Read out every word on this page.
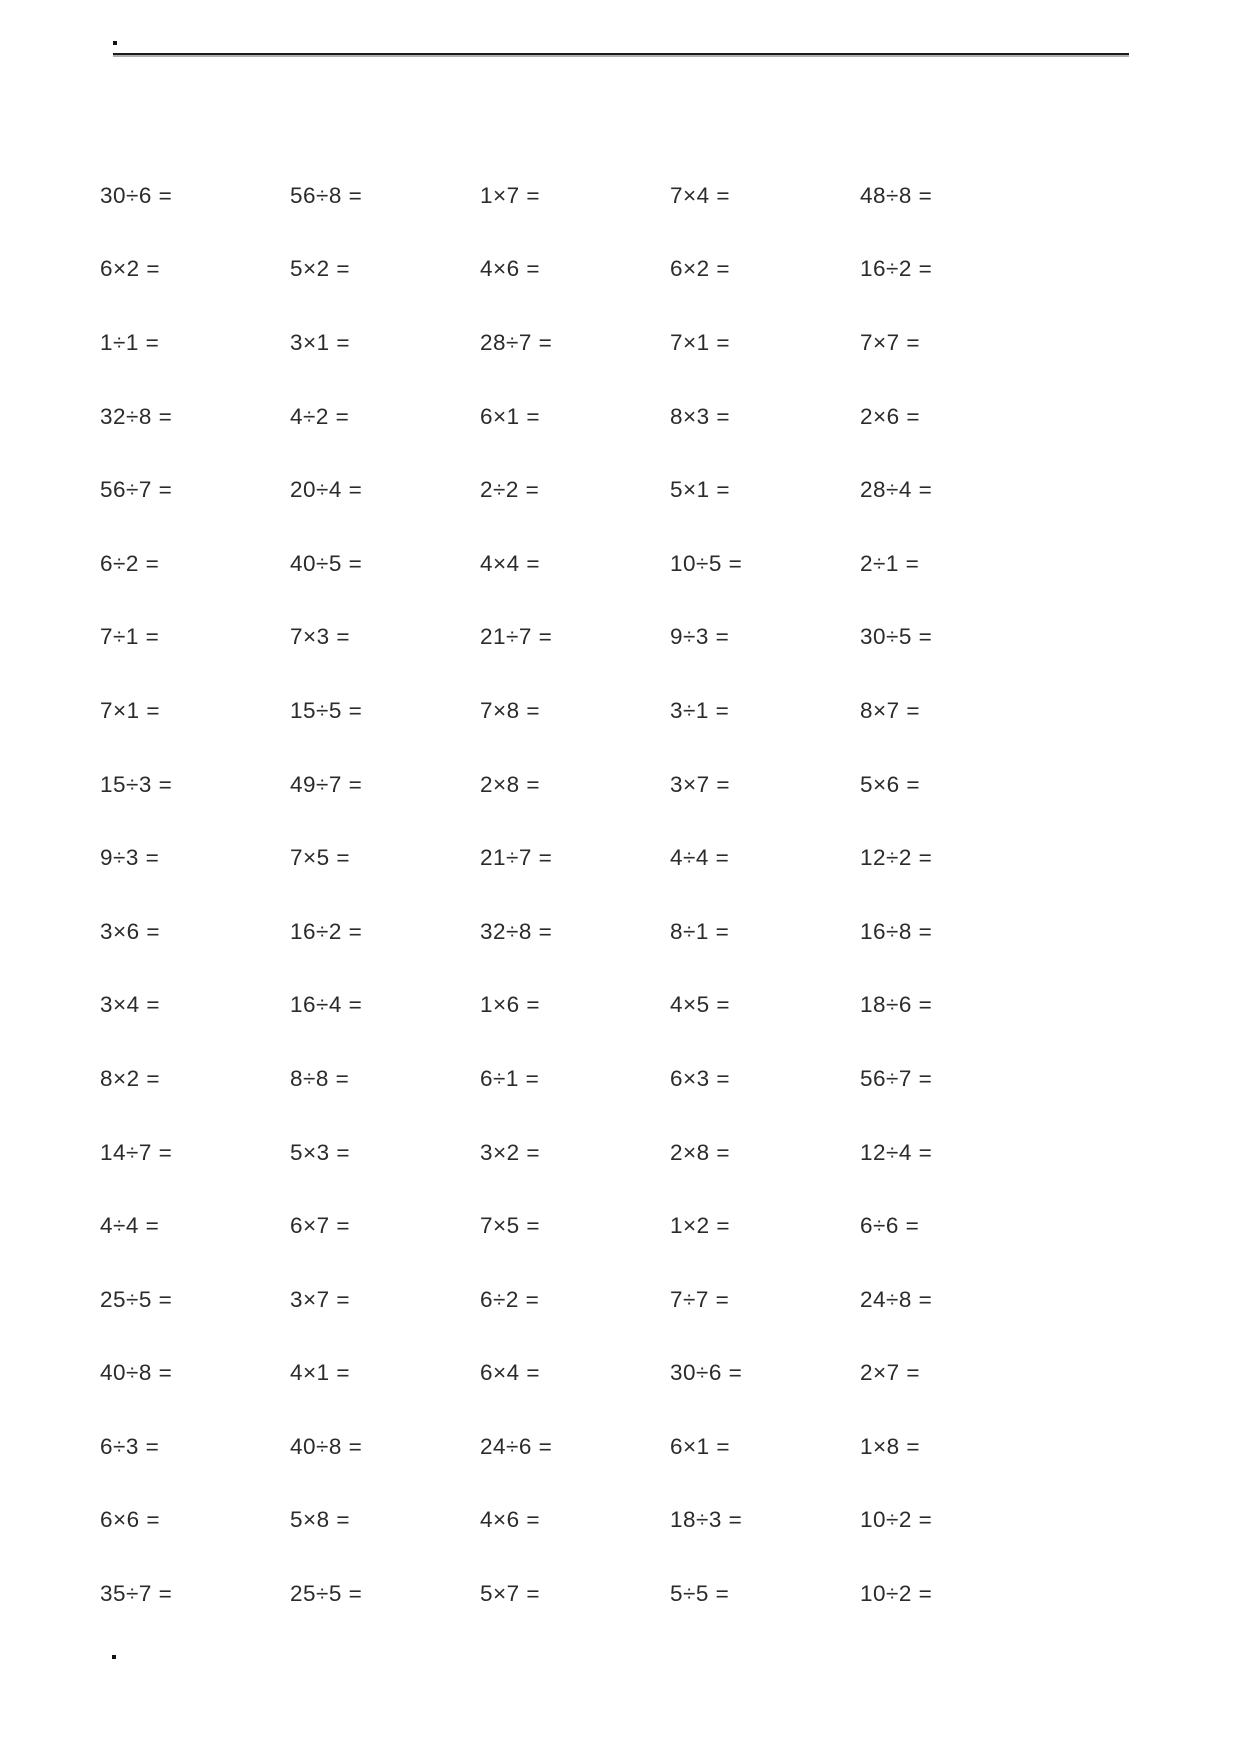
30÷6 =	56÷8 =	1×7 =	7×4 =	48÷8 =
6×2 =	5×2 =	4×6 =	6×2 =	16÷2 =
1÷1 =	3×1 =	28÷7 =	7×1 =	7×7 =
32÷8 =	4÷2 =	6×1 =	8×3 =	2×6 =
56÷7 =	20÷4 =	2÷2 =	5×1 =	28÷4 =
6÷2 =	40÷5 =	4×4 =	10÷5 =	2÷1 =
7÷1 =	7×3 =	21÷7 =	9÷3 =	30÷5 =
7×1 =	15÷5 =	7×8 =	3÷1 =	8×7 =
15÷3 =	49÷7 =	2×8 =	3×7 =	5×6 =
9÷3 =	7×5 =	21÷7 =	4÷4 =	12÷2 =
3×6 =	16÷2 =	32÷8 =	8÷1 =	16÷8 =
3×4 =	16÷4 =	1×6 =	4×5 =	18÷6 =
8×2 =	8÷8 =	6÷1 =	6×3 =	56÷7 =
14÷7 =	5×3 =	3×2 =	2×8 =	12÷4 =
4÷4 =	6×7 =	7×5 =	1×2 =	6÷6 =
25÷5 =	3×7 =	6÷2 =	7÷7 =	24÷8 =
40÷8 =	4×1 =	6×4 =	30÷6 =	2×7 =
6÷3 =	40÷8 =	24÷6 =	6×1 =	1×8 =
6×6 =	5×8 =	4×6 =	18÷3 =	10÷2 =
35÷7 =	25÷5 =	5×7 =	5÷5 =	10÷2 =
